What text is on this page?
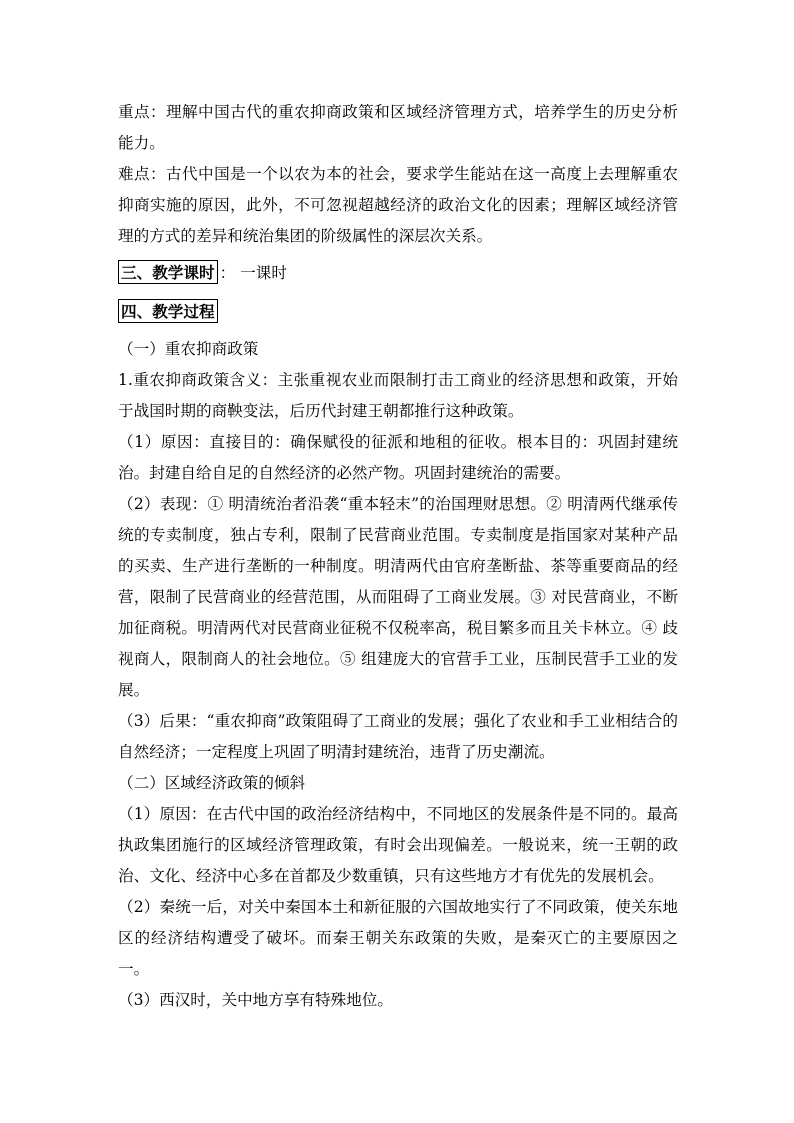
重点：理解中国古代的重农抑商政策和区域经济管理方式，培养学生的历史分析能力。

难点：古代中国是一个以农为本的社会，要求学生能站在这一高度上去理解重农抑商实施的原因，此外，不可忽视超越经济的政治文化的因素；理解区域经济管理的方式的差异和统治集团的阶级属性的深层次关系。

三、教学课时 ： 一课时
四、教学过程

（一）重农抑商政策

1.重农抑商政策含义：主张重视农业而限制打击工商业的经济思想和政策，开始于战国时期的商鞅变法，后历代封建王朝都推行这种政策。

（1）原因：直接目的：确保赋役的征派和地租的征收。根本目的：巩固封建统治。封建自给自足的自然经济的必然产物。巩固封建统治的需要。

（2）表现：① 明清统治者沿袭“重本轻末”的治国理财思想。② 明清两代继承传统的专卖制度，独占专利，限制了民营商业范围。专卖制度是指国家对某种产品的买卖、生产进行垄断的一种制度。明清两代由官府垄断盐、茶等重要商品的经营，限制了民营商业的经营范围，从而阻碍了工商业发展。③ 对民营商业，不断加征商税。明清两代对民营商业征税不仅税率高，税目繁多而且关卡林立。④ 歧视商人，限制商人的社会地位。⑤ 组建庞大的官营手工业，压制民营手工业的发展。

（3）后果：“重农抑商”政策阻碍了工商业的发展；强化了农业和手工业相结合的自然经济；一定程度上巩固了明清封建统治，违背了历史潮流。

（二）区域经济政策的倾斜

（1）原因：在古代中国的政治经济结构中，不同地区的发展条件是不同的。最高执政集团施行的区域经济管理政策，有时会出现偏差。一般说来，统一王朝的政治、文化、经济中心多在首都及少数重镇，只有这些地方才有优先的发展机会。

（2）秦统一后，对关中秦国本土和新征服的六国故地实行了不同政策，使关东地区的经济结构遭受了破坏。而秦王朝关东政策的失败，是秦灭亡的主要原因之一。

（3）西汉时，关中地方享有特殊地位。
